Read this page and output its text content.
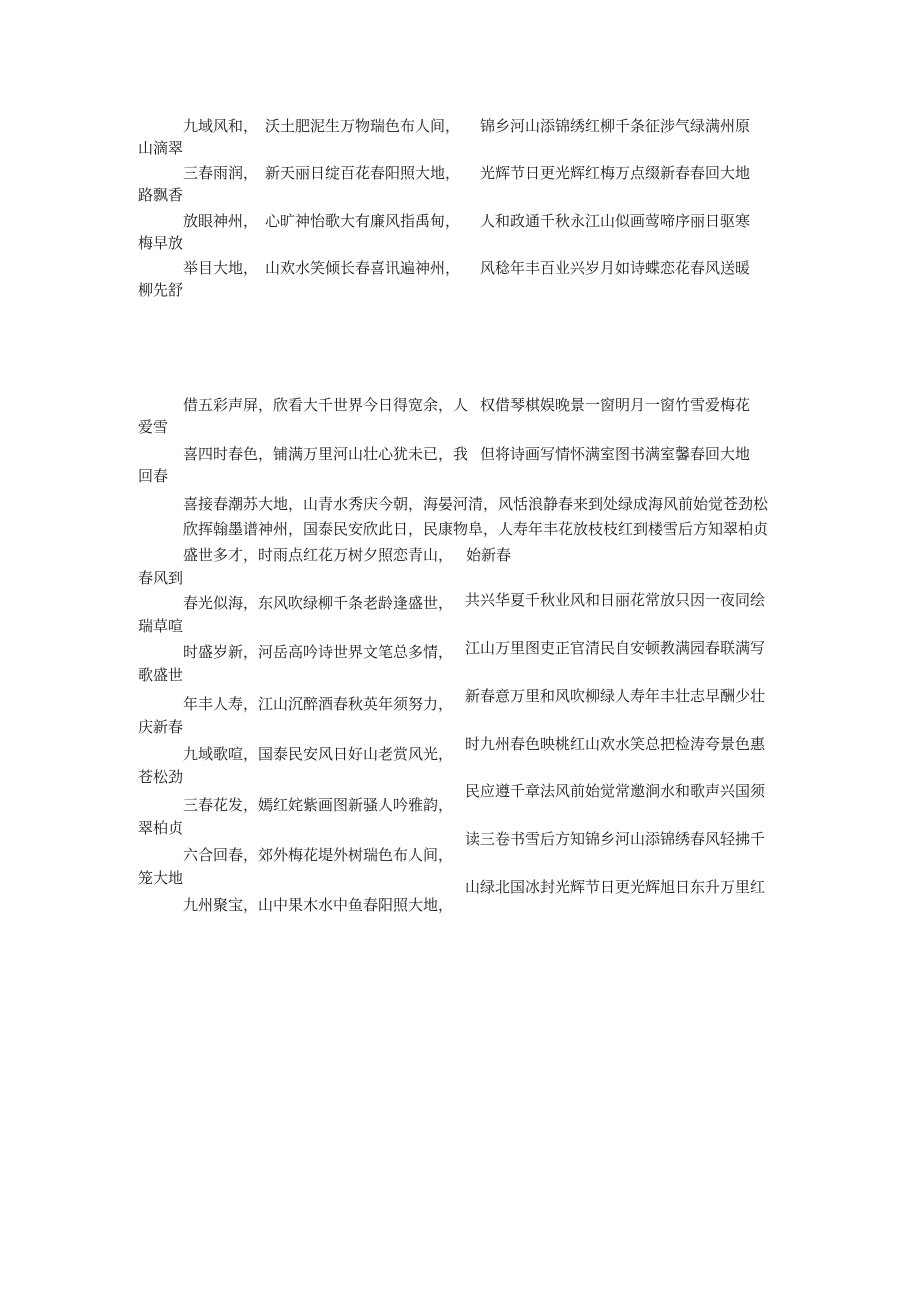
九域风和， 沃土肥泥生万物瑞色布人间， 锦乡河山添锦绣红柳千条征涉气绿满州原
山滴翠
三春雨润， 新天丽日绽百花春阳照大地， 光辉节日更光辉红梅万点缀新春春回大地
路飘香
放眼神州， 心旷神怡歌大有廉风指禹甸， 人和政通千秋永江山似画莺啼序丽日驱寒
梅早放
举目大地， 山欢水笑倾长春喜讯遍神州， 风稔年丰百业兴岁月如诗蝶恋花春风送暖
柳先舒
借五彩声屏，欣看大千世界今日得宽余，人 权借琴棋娱晚景一窗明月一窗竹雪爱梅花
爱雪
喜四时春色，铺满万里河山壮心犹未已，我 但将诗画写情怀满室图书满室馨春回大地
回春
喜接春潮苏大地，山青水秀庆今朝，海晏河清，风恬浪静春来到处绿成海风前始觉苍劲松
欣挥翰墨谱神州，国泰民安欣此日，民康物阜，人寿年丰花放枝枝红到楼雪后方知翠柏贞
盛世多才，时雨点红花万树夕照恋青山， 始新春
春风到
春光似海，东风吹绿柳千条老龄逢盛世，
瑞草喧
时盛岁新，河岳高吟诗世界文笔总多情，
歌盛世
年丰人寿，江山沉醉酒春秋英年须努力，
庆新春
九域歌喧，国泰民安风日好山老赏风光，
苍松劲
三春花发，嫣红姹紫画图新骚人吟雅韵，
翠柏贞
六合回春，郊外梅花堤外树瑞色布人间，
笼大地
九州聚宝，山中果木水中鱼春阳照大地，
共兴华夏千秋业风和日丽花常放只因一夜同绘
江山万里图吏正官清民自安顿教满园春联满写
新春意万里和风吹柳绿人寿年丰壮志早酬少壮
时九州春色映桃红山欢水笑总把检涛夸景色惠
民应遵千章法风前始觉常邀涧水和歌声兴国须
读三卷书雪后方知锦乡河山添锦绣春风轻拂千
山绿北国冰封光辉节日更光辉旭日东升万里红
